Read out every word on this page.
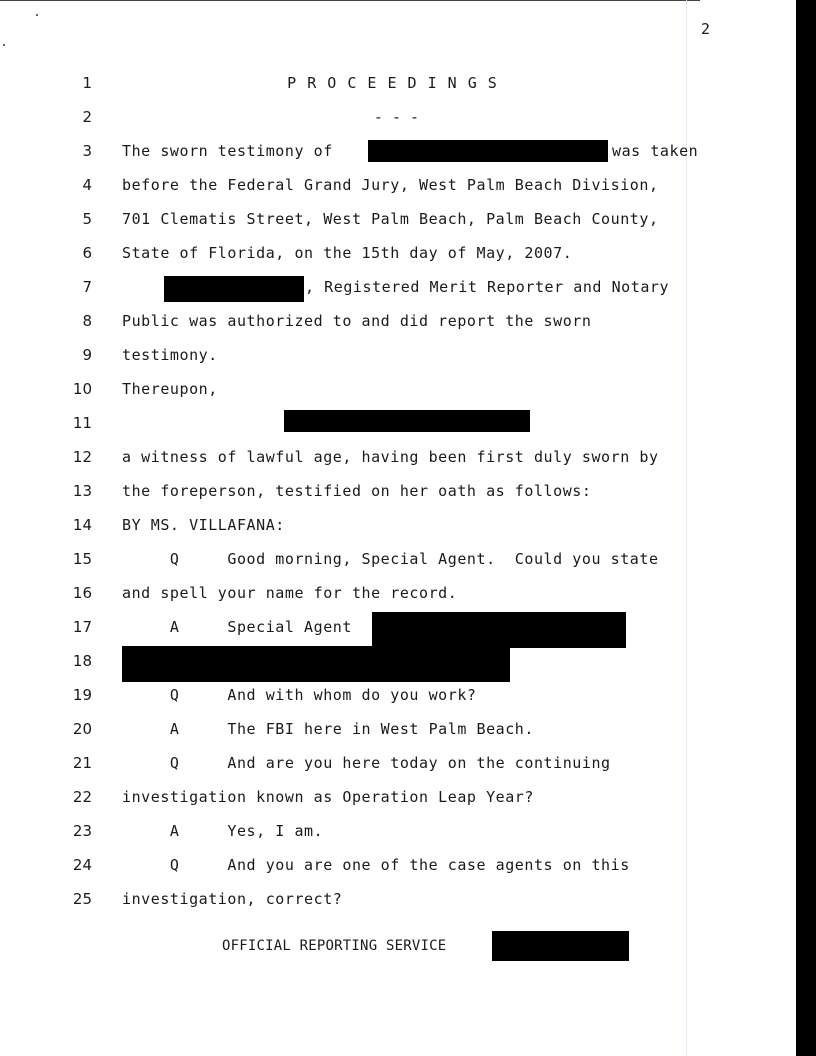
2
1	P R O C E E D I N G S
2	- - -
3 The sworn testimony of	was taken
4 before the Federal Grand Jury, West Palm Beach Division,
5 701 Clematis Street, West Palm Beach, Palm Beach County,
6 State of Florida, on the 15th day of May, 2007.
7	, Registered Merit Reporter and Notary
8 Public was authorized to and did report the sworn
9 testimony.
10 Thereupon,
11
12 a witness of lawful age, having been first duly sworn by
13 the foreperson, testified on her oath as follows:
14 BY MS. VILLAFANA:
15 Q     Good morning, Special Agent.  Could you state
16 and spell your name for the record.
17 A     Special Agent
18
19 Q     And with whom do you work?
20 A     The FBI here in West Palm Beach.
21 Q     And are you here today on the continuing
22 investigation known as Operation Leap Year?
23 A     Yes, I am.
24 Q     And you are one of the case agents on this
25 investigation, correct?
OFFICIAL REPORTING SERVICE
